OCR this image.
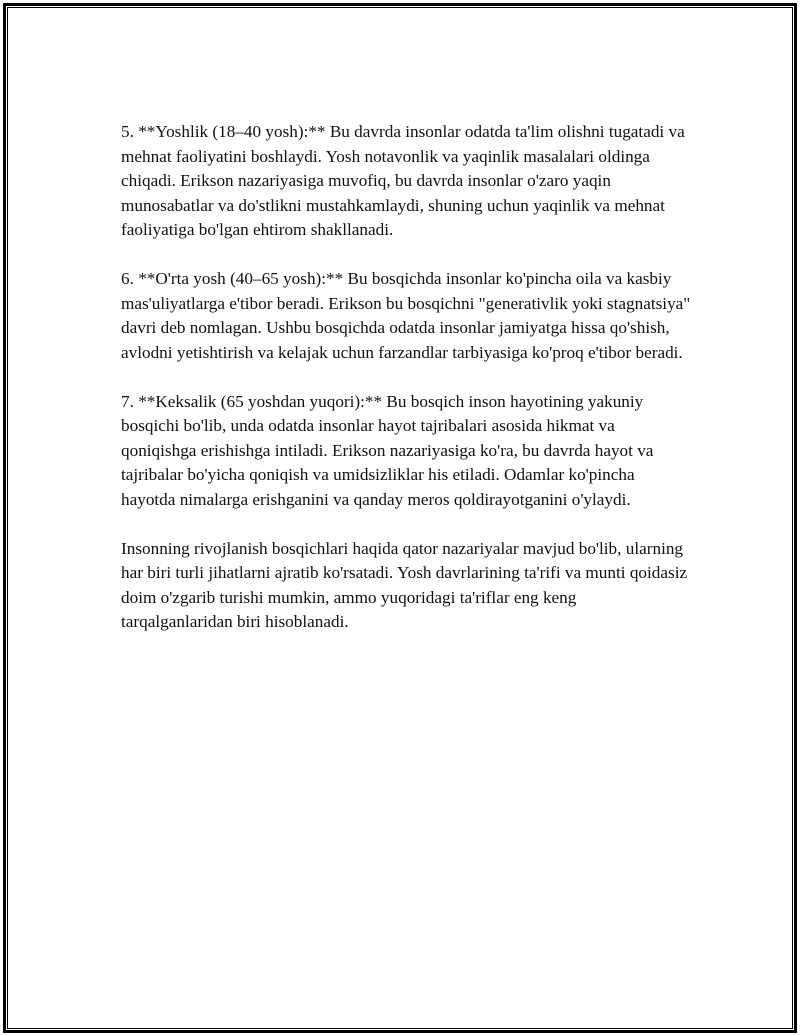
5. **Yoshlik (18–40 yosh):** Bu davrda insonlar odatda ta'lim olishni tugatadi va mehnat faoliyatini boshlaydi. Yosh notavonlik va yaqinlik masalalari oldinga chiqadi. Erikson nazariyasiga muvofiq, bu davrda insonlar o'zaro yaqin munosabatlar va do'stlikni mustahkamlaydi, shuning uchun yaqinlik va mehnat faoliyatiga bo'lgan ehtirom shakllanadi.

6. **O'rta yosh (40–65 yosh):** Bu bosqichda insonlar ko'pincha oila va kasbiy mas'uliyatlarga e'tibor beradi. Erikson bu bosqichni "generativlik yoki stagnatsiya" davri deb nomlagan. Ushbu bosqichda odatda insonlar jamiyatga hissa qo'shish, avlodni yetishtirish va kelajak uchun farzandlar tarbiyasiga ko'proq e'tibor beradi.

7. **Keksalik (65 yoshdan yuqori):** Bu bosqich inson hayotining yakuniy bosqichi bo'lib, unda odatda insonlar hayot tajribalari asosida hikmat va qoniqishga erishishga intiladi. Erikson nazariyasiga ko'ra, bu davrda hayot va tajribalar bo'yicha qoniqish va umidsizliklar his etiladi. Odamlar ko'pincha hayotda nimalarga erishganini va qanday meros qoldirayotganini o'ylaydi.

Insonning rivojlanish bosqichlari haqida qator nazariyalar mavjud bo'lib, ularning har biri turli jihatlarni ajratib ko'rsatadi. Yosh davrlarining ta'rifi va munti qoidasiz doim o'zgarib turishi mumkin, ammo yuqoridagi ta'riflar eng keng tarqalganlaridan biri hisoblanadi.
